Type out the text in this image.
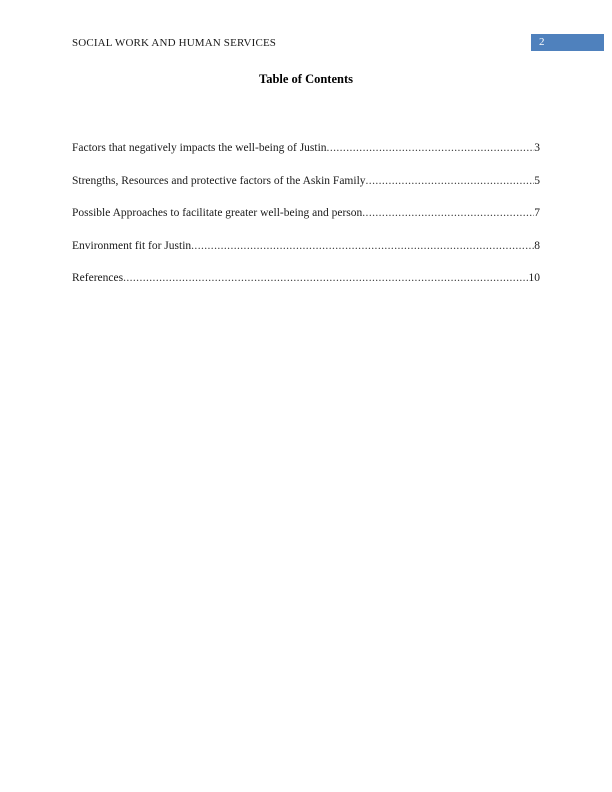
SOCIAL WORK AND HUMAN SERVICES	2
Table of Contents
Factors that negatively impacts the well-being of Justin .....	3
Strengths, Resources and protective factors of the Askin Family .....	5
Possible Approaches to facilitate greater well-being and person .....	7
Environment fit for Justin .....	8
References .....	10
